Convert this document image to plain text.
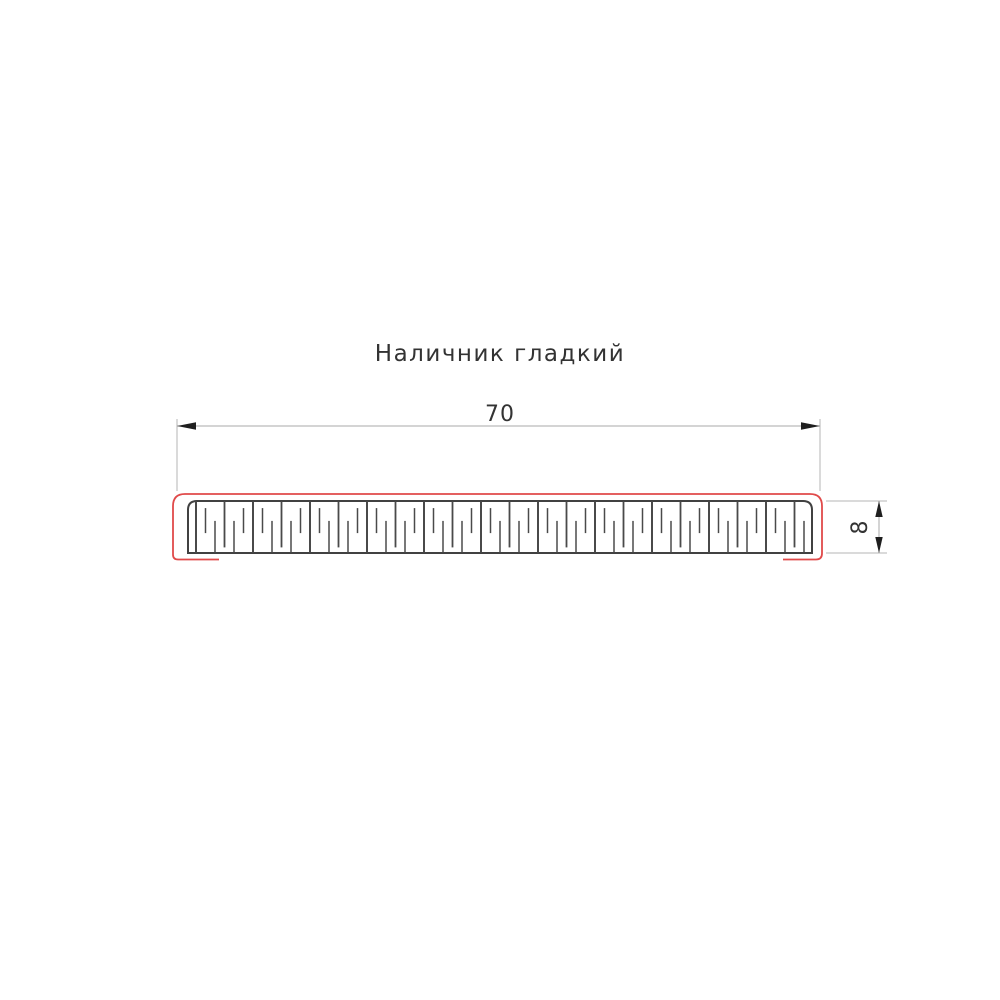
Наличник гладкий
70
8
